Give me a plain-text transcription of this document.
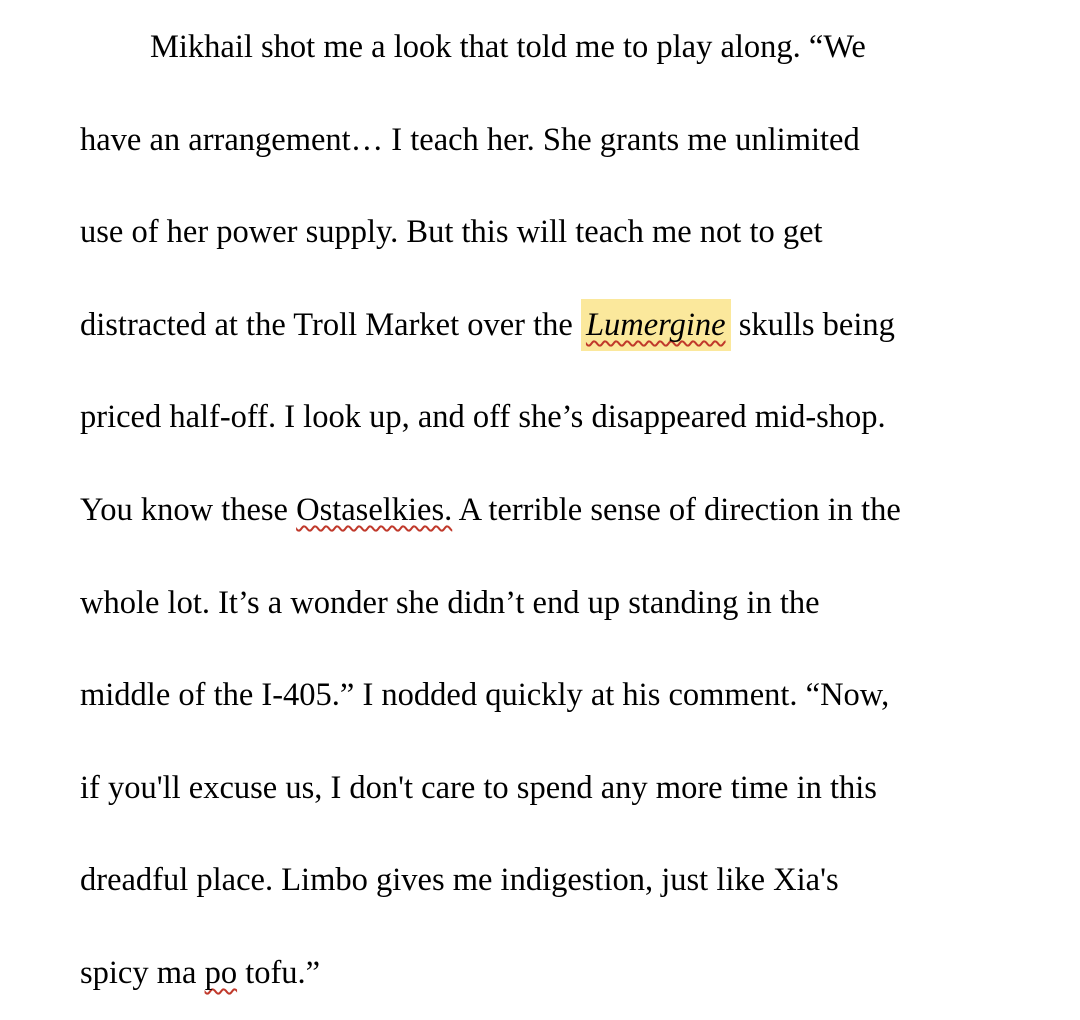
Mikhail shot me a look that told me to play along. “We
have an arrangement… I teach her. She grants me unlimited
use of her power supply. But this will teach me not to get
distracted at the Troll Market over the Lumergine skulls being
priced half-off. I look up, and off she’s disappeared mid-shop.
You know these Ostaselkies. A terrible sense of direction in the
whole lot. It’s a wonder she didn’t end up standing in the
middle of the I-405.” I nodded quickly at his comment. “Now,
if you'll excuse us, I don't care to spend any more time in this
dreadful place. Limbo gives me indigestion, just like Xia's
spicy ma po tofu.”
